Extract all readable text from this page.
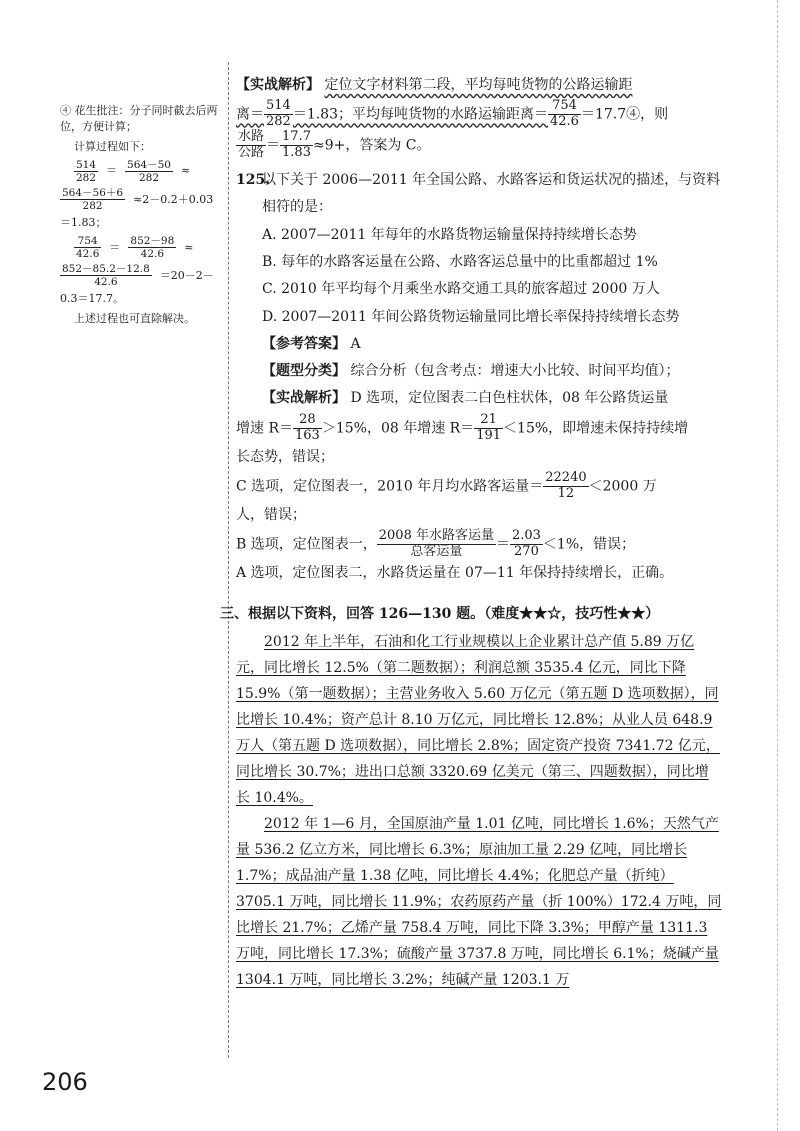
④ 花生批注：分子同时截去后两位，方便计算；

计算过程如下：

$\frac{514}{282} = \frac{564-50}{282}$ ≈
$\frac{564-56+6}{282} \approx 2-0.2+0.03$

＝1.83；

$\frac{754}{42.6} = \frac{852-98}{42.6}$ ≈
$\frac{852-85.2-12.8}{42.6} =20-2-$

0.3＝17.7。

上述过程也可直除解决。

【实战解析】 定位文字材料第二段，平均每吨货物的公路运输距

离＝ $\frac{514}{282} =1.83$；平均每吨货物的水路运输距离＝ $\frac{754}{42.6}$ ＝17.7④，则

$\frac{\text{水路}}{\text{公路}} = \frac{17.7}{1.83} \approx 9+$，答案为 C。

125.以下关于 2006—2011 年全国公路、水路客运和货运状况的描述，与资料相符的是：

A. 2007—2011 年每年的水路货物运输量保持持续增长态势

B. 每年的水路客运量在公路、水路客运总量中的比重都超过 1%

C. 2010 年平均每个月乘坐水路交通工具的旅客超过 2000 万人

D. 2007—2011 年间公路货物运输量同比增长率保持持续增长态势

【参考答案】 A

【题型分类】 综合分析（包含考点：增速大小比较、时间平均值）；

【实战解析】 D 选项，定位图表二白色柱状体，08 年公路货运量

增速 $R= \frac{28}{163} >15\%$，08 年增速 $R= \frac{21}{191} <15\%$，即增速未保持持续增

长态势，错误；

C 选项，定位图表一，2010 年月均水路客运量＝ $\frac{22240}{12} <2000$ 万

人，错误；

B 选项，定位图表一， $\frac{\text{2008 年水路客运量}}{\text{总客运量}} = \frac{2.03}{270} <1\%$，错误；

A 选项，定位图表二，水路货运量在 07—11 年保持持续增长，正确。

三、根据以下资料，回答 126—130 题。（难度★★☆，技巧性★★）

2012 年上半年，石油和化工行业规模以上企业累计总产值 5.89 万亿元，同比增长 12.5%（第二题数据）；利润总额 3535.4 亿元，同比下降 15.9%（第一题数据）；主营业务收入 5.60 万亿元（第五题 D 选项数据），同比增长 10.4%；资产总计 8.10 万亿元，同比增长 12.8%；从业人员 648.9 万人（第五题 D 选项数据），同比增长 2.8%；固定资产投资 7341.72 亿元，同比增长 30.7%；进出口总额 3320.69 亿美元（第三、四题数据），同比增长 10.4%。

2012 年 1—6 月，全国原油产量 1.01 亿吨，同比增长 1.6%；天然气产量 536.2 亿立方米，同比增长 6.3%；原油加工量 2.29 亿吨，同比增长 1.7%；成品油产量 1.38 亿吨，同比增长 4.4%；化肥总产量（折纯）3705.1 万吨，同比增长 11.9%；农药原药产量（折 100%）172.4 万吨，同比增长 21.7%；乙烯产量 758.4 万吨，同比下降 3.3%；甲醇产量 1311.3 万吨，同比增长 17.3%；硫酸产量 3737.8 万吨，同比增长 6.1%；烧碱产量 1304.1 万吨，同比增长 3.2%；纯碱产量 1203.1 万

206
